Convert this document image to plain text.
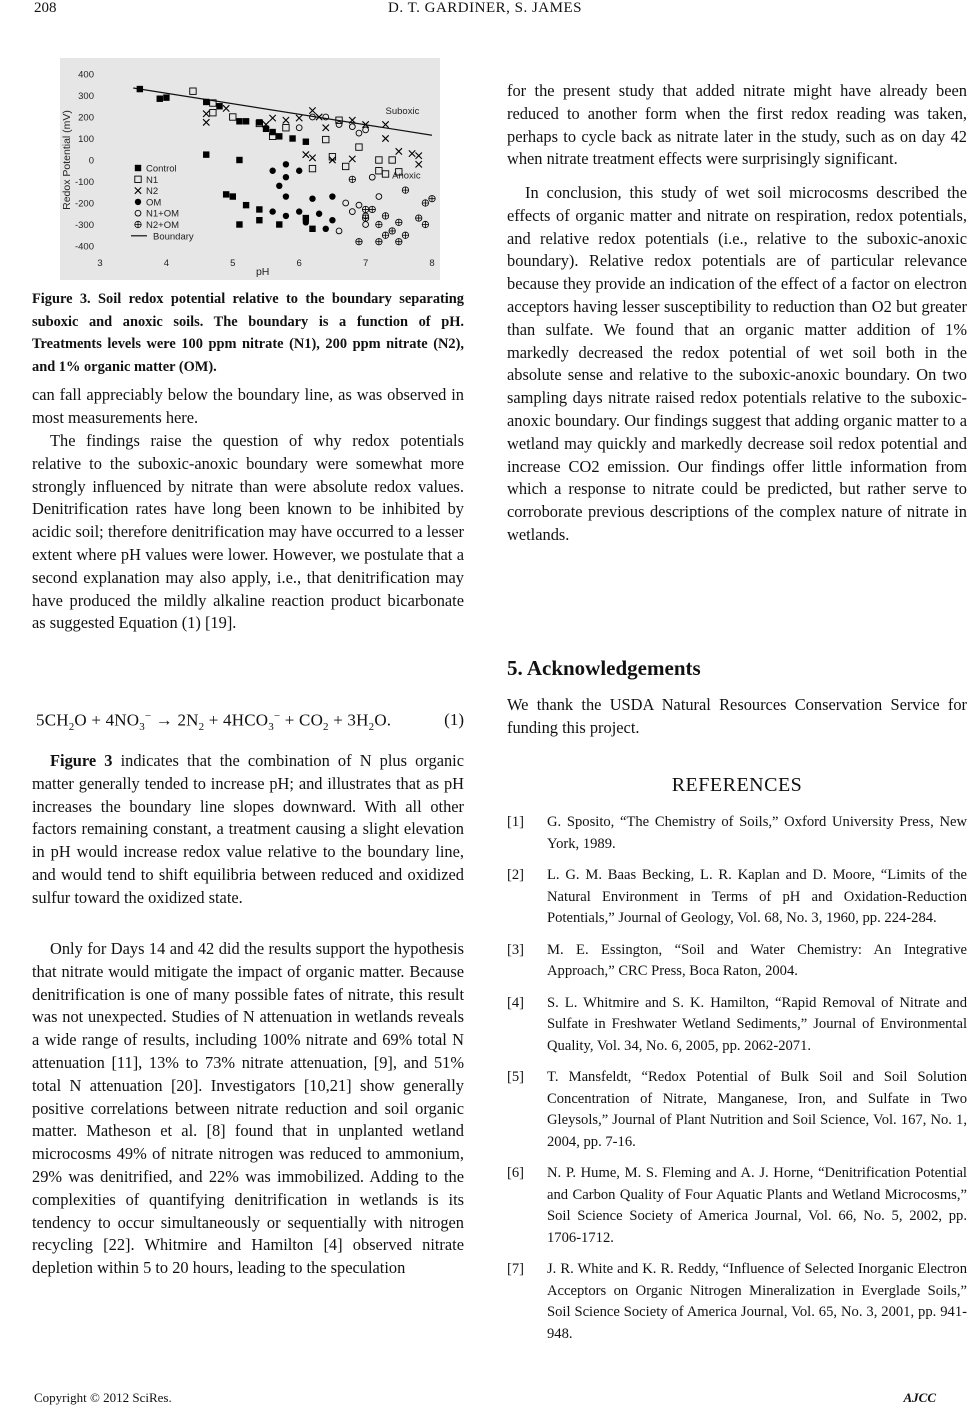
208	D. T. GARDINER, S. JAMES
400
300
200
100
0
-100
-200
-300
-400
3	4	5	6	7	8
Redox Potential (mV)
pH
Suboxic
Anoxic
Control
N1
N2
OM
N1+OM
N2+OM
Boundary
Figure 3. Soil redox potential relative to the boundary separating suboxic and anoxic soils. The boundary is a function of pH. Treatments levels were 100 ppm nitrate (N1), 200 ppm nitrate (N2), and 1% organic matter (OM).
can fall appreciably below the boundary line, as was observed in most measurements here.
The findings raise the question of why redox potentials relative to the suboxic-anoxic boundary were somewhat more strongly influenced by nitrate than were absolute redox values. Denitrification rates have long been known to be inhibited by acidic soil; therefore denitrification may have occurred to a lesser extent where pH values were lower. However, we postulate that a second explanation may also apply, i.e., that denitrification may have produced the mildly alkaline reaction product bicarbonate as suggested Equation (1) [19].
$5CH_2O + 4NO_3^- \to 2N_2 + 4HCO_3^- + CO_2 + 3H_2O$.	(1)
Figure 3 indicates that the combination of N plus organic matter generally tended to increase pH; and illustrates that as pH increases the boundary line slopes downward. With all other factors remaining constant, a treatment causing a slight elevation in pH would increase redox value relative to the boundary line, and would tend to shift equilibria between reduced and oxidized sulfur toward the oxidized state.
Only for Days 14 and 42 did the results support the hypothesis that nitrate would mitigate the impact of organic matter. Because denitrification is one of many possible fates of nitrate, this result was not unexpected. Studies of N attenuation in wetlands reveals a wide range of results, including 100% nitrate and 69% total N attenuation [11], 13% to 73% nitrate attenuation, [9], and 51% total N attenuation [20]. Investigators [10,21] show generally positive correlations between nitrate reduction and soil organic matter. Matheson et al. [8] found that in unplanted wetland microcosms 49% of nitrate nitrogen was reduced to ammonium, 29% was denitrified, and 22% was immobilized. Adding to the complexities of quantifying denitrification in wetlands is its tendency to occur simultaneously or sequentially with nitrogen recycling [22]. Whitmire and Hamilton [4] observed nitrate depletion within 5 to 20 hours, leading to the speculation
for the present study that added nitrate might have already been reduced to another form when the first redox reading was taken, perhaps to cycle back as nitrate later in the study, such as on day 42 when nitrate treatment effects were surprisingly significant.
In conclusion, this study of wet soil microcosms described the effects of organic matter and nitrate on respiration, redox potentials, and relative redox potentials (i.e., relative to the suboxic-anoxic boundary). Relative redox potentials are of particular relevance because they provide an indication of the effect of a factor on electron acceptors having lesser susceptibility to reduction than O2 but greater than sulfate. We found that an organic matter addition of 1% markedly decreased the redox potential of wet soil both in the absolute sense and relative to the suboxic-anoxic boundary. On two sampling days nitrate raised redox potentials relative to the suboxic-anoxic boundary. Our findings suggest that adding organic matter to a wetland may quickly and markedly decrease soil redox potential and increase CO2 emission. Our findings offer little information from which a response to nitrate could be predicted, but rather serve to corroborate previous descriptions of the complex nature of nitrate in wetlands.
5. Acknowledgements
We thank the USDA Natural Resources Conservation Service for funding this project.
REFERENCES
[1] G. Sposito, “The Chemistry of Soils,” Oxford University Press, New York, 1989.
[2] L. G. M. Baas Becking, L. R. Kaplan and D. Moore, “Limits of the Natural Environment in Terms of pH and Oxidation-Reduction Potentials,” Journal of Geology, Vol. 68, No. 3, 1960, pp. 224-284.
[3] M. E. Essington, “Soil and Water Chemistry: An Integrative Approach,” CRC Press, Boca Raton, 2004.
[4] S. L. Whitmire and S. K. Hamilton, “Rapid Removal of Nitrate and Sulfate in Freshwater Wetland Sediments,” Journal of Environmental Quality, Vol. 34, No. 6, 2005, pp. 2062-2071.
[5] T. Mansfeldt, “Redox Potential of Bulk Soil and Soil Solution Concentration of Nitrate, Manganese, Iron, and Sulfate in Two Gleysols,” Journal of Plant Nutrition and Soil Science, Vol. 167, No. 1, 2004, pp. 7-16.
[6] N. P. Hume, M. S. Fleming and A. J. Horne, “Denitrification Potential and Carbon Quality of Four Aquatic Plants and Wetland Microcosms,” Soil Science Society of America Journal, Vol. 66, No. 5, 2002, pp. 1706-1712.
[7] J. R. White and K. R. Reddy, “Influence of Selected Inorganic Electron Acceptors on Organic Nitrogen Mineralization in Everglade Soils,” Soil Science Society of America Journal, Vol. 65, No. 3, 2001, pp. 941-948.
Copyright © 2012 SciRes.	AJCC
